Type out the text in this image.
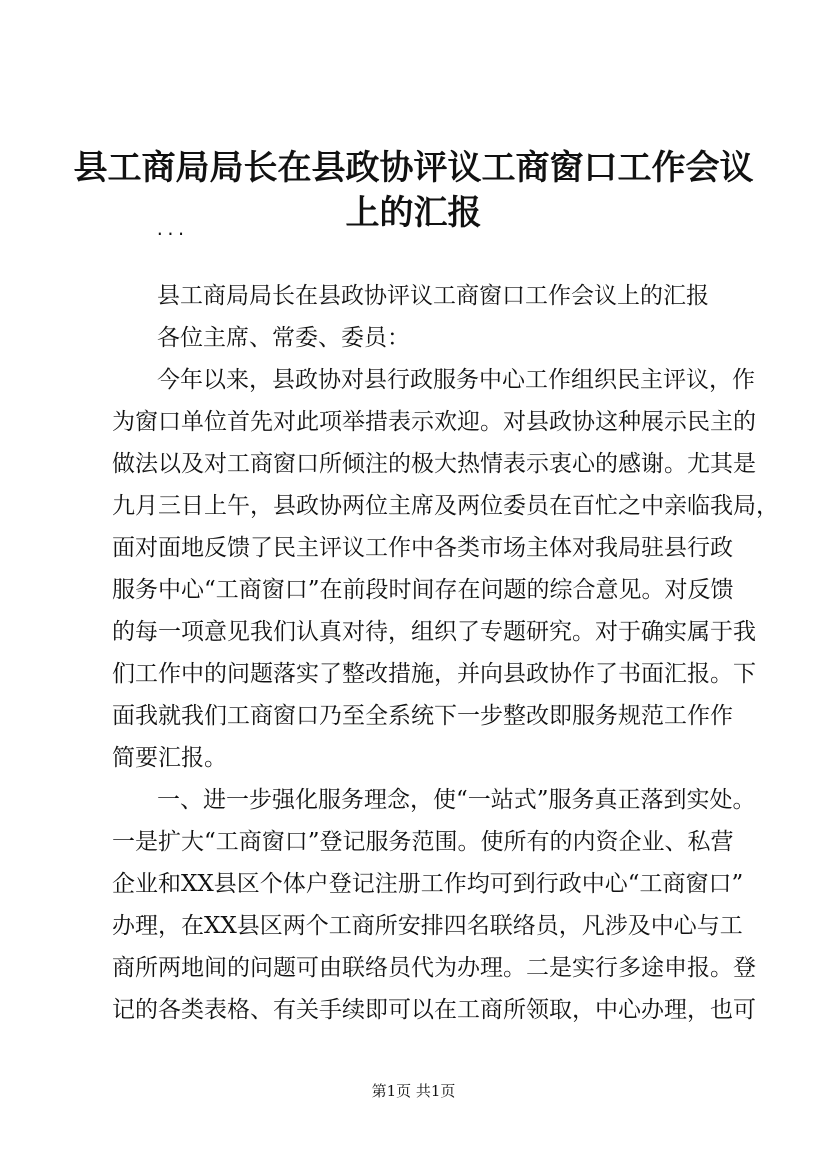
县工商局局长在县政协评议工商窗口工作会议
上的汇报
...
县工商局局长在县政协评议工商窗口工作会议上的汇报
各位主席、常委、委员：
今年以来，县政协对县行政服务中心工作组织民主评议，作
为窗口单位首先对此项举措表示欢迎。对县政协这种展示民主的
做法以及对工商窗口所倾注的极大热情表示衷心的感谢。尤其是
九月三日上午，县政协两位主席及两位委员在百忙之中亲临我局，
面对面地反馈了民主评议工作中各类市场主体对我局驻县行政
服务中心“工商窗口”在前段时间存在问题的综合意见。对反馈
的每一项意见我们认真对待，组织了专题研究。对于确实属于我
们工作中的问题落实了整改措施，并向县政协作了书面汇报。下
面我就我们工商窗口乃至全系统下一步整改即服务规范工作作
简要汇报。
一、进一步强化服务理念，使“一站式”服务真正落到实处。
一是扩大“工商窗口”登记服务范围。使所有的内资企业、私营
企业和XX县区个体户登记注册工作均可到行政中心“工商窗口”
办理，在XX县区两个工商所安排四名联络员，凡涉及中心与工
商所两地间的问题可由联络员代为办理。二是实行多途申报。登
记的各类表格、有关手续即可以在工商所领取，中心办理，也可
第1页 共1页
